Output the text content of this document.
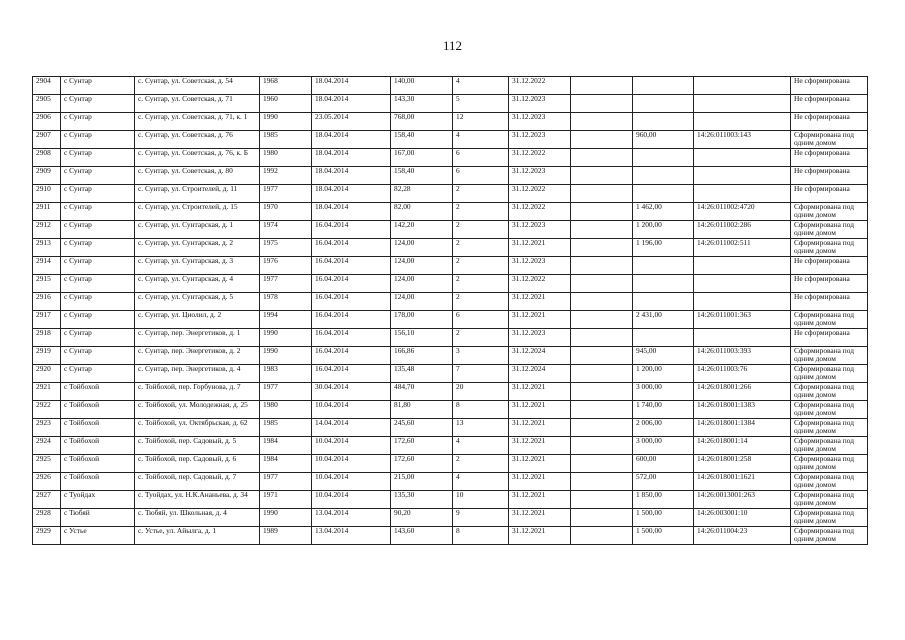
112
2904	с Сунтар	с. Сунтар, ул. Советская, д. 54	1968	18.04.2014	140,00	4	31.12.2022				Не сформирована
2905	с Сунтар	с. Сунтар, ул. Советская, д. 71	1960	18.04.2014	143,30	5	31.12.2023				Не сформирована
2906	с Сунтар	с. Сунтар, ул. Советская, д. 71, к. 1	1990	23.05.2014	768,00	12	31.12.2023				Не сформирована
2907	с Сунтар	с. Сунтар, ул. Советская, д. 76	1985	18.04.2014	158,40	4	31.12.2023		960,00	14:26:011003:143	Сформирована под одним домом
2908	с Сунтар	с. Сунтар, ул. Советская, д. 76, к. Б	1980	18.04.2014	167,00	6	31.12.2022				Не сформирована
2909	с Сунтар	с. Сунтар, ул. Советская, д. 80	1992	18.04.2014	158,40	6	31.12.2023				Не сформирована
2910	с Сунтар	с. Сунтар, ул. Строителей, д. 11	1977	18.04.2014	82,28	2	31.12.2022				Не сформирована
2911	с Сунтар	с. Сунтар, ул. Строителей, д. 15	1970	18.04.2014	82,00	2	31.12.2022		1 462,00	14:26:011002:4720	Сформирована под одним домом
2912	с Сунтар	с. Сунтар, ул. Сунтарская, д. 1	1974	16.04.2014	142,20	2	31.12.2023		1 200,00	14:26:011002:286	Сформирована под одним домом
2913	с Сунтар	с. Сунтар, ул. Сунтарская, д. 2	1975	16.04.2014	124,00	2	31.12.2021		1 196,00	14:26:011002:511	Сформирована под одним домом
2914	с Сунтар	с. Сунтар, ул. Сунтарская, д. 3	1976	16.04.2014	124,00	2	31.12.2023				Не сформирована
2915	с Сунтар	с. Сунтар, ул. Сунтарская, д. 4	1977	16.04.2014	124,00	2	31.12.2022				Не сформирована
2916	с Сунтар	с. Сунтар, ул. Сунтарская, д. 5	1978	16.04.2014	124,00	2	31.12.2021				Не сформирована
2917	с Сунтар	с. Сунтар, ул. Циолил, д. 2	1994	16.04.2014	178,00	6	31.12.2021		2 431,00	14:26:011001:363	Сформирована под одним домом
2918	с Сунтар	с. Сунтар, пер. Энергетиков, д. 1	1990	16.04.2014	156,10	2	31.12.2023				Не сформирована
2919	с Сунтар	с. Сунтар, пер. Энергетиков, д. 2	1990	16.04.2014	166,86	3	31.12.2024		945,00	14:26:011003:393	Сформирована под одним домом
2920	с Сунтар	с. Сунтар, пер. Энергетиков, д. 4	1983	16.04.2014	135,48	7	31.12.2024		1 200,00	14:26:011003:76	Сформирована под одним домом
2921	с Тойбохой	с. Тойбохой, пер. Горбунова, д. 7	1977	30.04.2014	484,70	20	31.12.2021		3 000,00	14:26:018001:266	Сформирована под одним домом
2922	с Тойбохой	с. Тойбохой, ул. Молодежная, д. 25	1980	10.04.2014	81,80	8	31.12.2021		1 740,00	14:26:018001:1383	Сформирована под одним домом
2923	с Тойбохой	с. Тойбохой, ул. Октябрьская, д. 62	1985	14.04.2014	245,60	13	31.12.2021		2 006,00	14:26:018001:1384	Сформирована под одним домом
2924	с Тойбохой	с. Тойбохой, пер. Садовый, д. 5	1984	10.04.2014	172,60	4	31.12.2021		3 000,00	14:26:018001:14	Сформирована под одним домом
2925	с Тойбохой	с. Тойбохой, пер. Садовый, д. 6	1984	10.04.2014	172,60	2	31.12.2021		600,00	14:26:018001:258	Сформирована под одним домом
2926	с Тойбохой	с. Тойбохой, пер. Садовый, д. 7	1977	10.04.2014	215,00	4	31.12.2021		572,00	14:26:018001:1621	Сформирована под одним домом
2927	с Туойдах	с. Туойдах, ул. Н.К.Ананьева, д. 34	1971	10.04.2014	135,30	10	31.12.2021		1 850,00	14:26:0013001:263	Сформирована под одним домом
2928	с Тюбяй	с. Тюбяй, ул. Школьная, д. 4	1990	13.04.2014	90,20	9	31.12.2021		1 500,00	14:26:003001:10	Сформирована под одним домом
2929	с Устье	с. Устье, ул. Айылга, д. 1	1989	13.04.2014	143,60	8	31.12.2021		1 500,00	14:26:011004:23	Сформирована под одним домом
